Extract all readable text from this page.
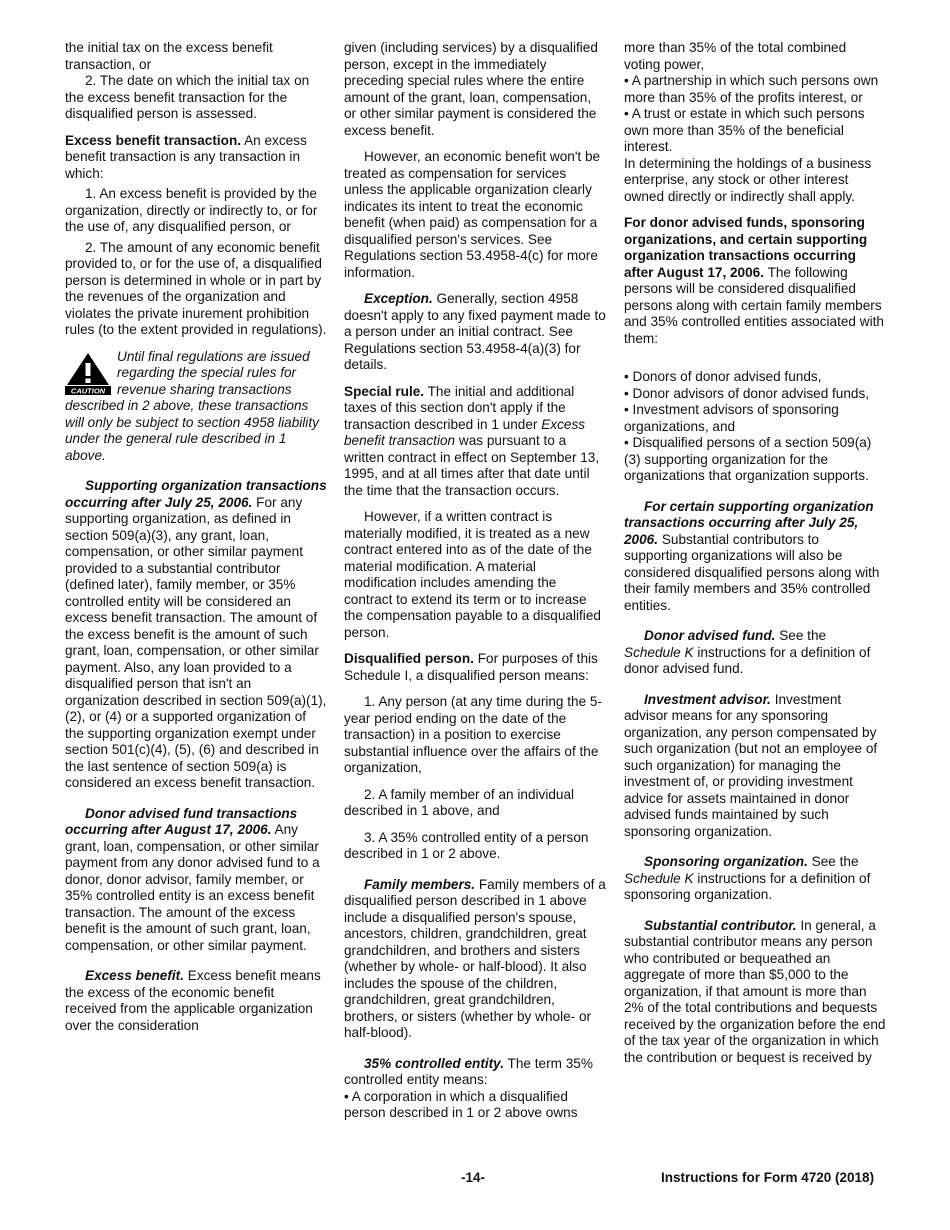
the initial tax on the excess benefit transaction, or

2. The date on which the initial tax on the excess benefit transaction for the disqualified person is assessed.

Excess benefit transaction. An excess benefit transaction is any transaction in which:

1. An excess benefit is provided by the organization, directly or indirectly to, or for the use of, any disqualified person, or

2. The amount of any economic benefit provided to, or for the use of, a disqualified person is determined in whole or in part by the revenues of the organization and violates the private inurement prohibition rules (to the extent provided in regulations).

CAUTION
Until final regulations are issued regarding the special rules for revenue sharing transactions
described in 2 above, these transactions will only be subject to section 4958 liability under the general rule described in 1 above.

Supporting organization transactions occurring after July 25, 2006. For any supporting organization, as defined in section 509(a)(3), any grant, loan, compensation, or other similar payment provided to a substantial contributor (defined later), family member, or 35% controlled entity will be considered an excess benefit transaction. The amount of the excess benefit is the amount of such grant, loan, compensation, or other similar payment. Also, any loan provided to a disqualified person that isn't an organization described in section 509(a)(1), (2), or (4) or a supported organization of the supporting organization exempt under section 501(c)(4), (5), (6) and described in the last sentence of section 509(a) is considered an excess benefit transaction.

Donor advised fund transactions occurring after August 17, 2006. Any grant, loan, compensation, or other similar payment from any donor advised fund to a donor, donor advisor, family member, or 35% controlled entity is an excess benefit transaction. The amount of the excess benefit is the amount of such grant, loan, compensation, or other similar payment.

Excess benefit. Excess benefit means the excess of the economic benefit received from the applicable organization over the consideration

given (including services) by a disqualified person, except in the immediately preceding special rules where the entire amount of the grant, loan, compensation, or other similar payment is considered the excess benefit.

However, an economic benefit won't be treated as compensation for services unless the applicable organization clearly indicates its intent to treat the economic benefit (when paid) as compensation for a disqualified person's services. See Regulations section 53.4958-4(c) for more information.

Exception. Generally, section 4958 doesn't apply to any fixed payment made to a person under an initial contract. See Regulations section 53.4958-4(a)(3) for details.

Special rule. The initial and additional taxes of this section don't apply if the transaction described in 1 under Excess benefit transaction was pursuant to a written contract in effect on September 13, 1995, and at all times after that date until the time that the transaction occurs.

However, if a written contract is materially modified, it is treated as a new contract entered into as of the date of the material modification. A material modification includes amending the contract to extend its term or to increase the compensation payable to a disqualified person.

Disqualified person. For purposes of this Schedule I, a disqualified person means:

1. Any person (at any time during the 5-year period ending on the date of the transaction) in a position to exercise substantial influence over the affairs of the organization,

2. A family member of an individual described in 1 above, and

3. A 35% controlled entity of a person described in 1 or 2 above.

Family members. Family members of a disqualified person described in 1 above include a disqualified person's spouse, ancestors, children, grandchildren, great grandchildren, and brothers and sisters (whether by whole- or half-blood). It also includes the spouse of the children, grandchildren, great grandchildren, brothers, or sisters (whether by whole- or half-blood).

35% controlled entity. The term 35% controlled entity means:

• A corporation in which a disqualified person described in 1 or 2 above owns

more than 35% of the total combined voting power,

• A partnership in which such persons own more than 35% of the profits interest, or

• A trust or estate in which such persons own more than 35% of the beneficial interest.

In determining the holdings of a business enterprise, any stock or other interest owned directly or indirectly shall apply.

For donor advised funds, sponsoring organizations, and certain supporting organization transactions occurring after August 17, 2006. The following persons will be considered disqualified persons along with certain family members and 35% controlled entities associated with them:

• Donors of donor advised funds,

• Donor advisors of donor advised funds,

• Investment advisors of sponsoring organizations, and

• Disqualified persons of a section 509(a)(3) supporting organization for the organizations that organization supports.

For certain supporting organization transactions occurring after July 25, 2006. Substantial contributors to supporting organizations will also be considered disqualified persons along with their family members and 35% controlled entities.

Donor advised fund. See the Schedule K instructions for a definition of donor advised fund.

Investment advisor. Investment advisor means for any sponsoring organization, any person compensated by such organization (but not an employee of such organization) for managing the investment of, or providing investment advice for assets maintained in donor advised funds maintained by such sponsoring organization.

Sponsoring organization. See the Schedule K instructions for a definition of sponsoring organization.

Substantial contributor. In general, a substantial contributor means any person who contributed or bequeathed an aggregate of more than $5,000 to the organization, if that amount is more than 2% of the total contributions and bequests received by the organization before the end of the tax year of the organization in which the contribution or bequest is received by

-14-	Instructions for Form 4720 (2018)
